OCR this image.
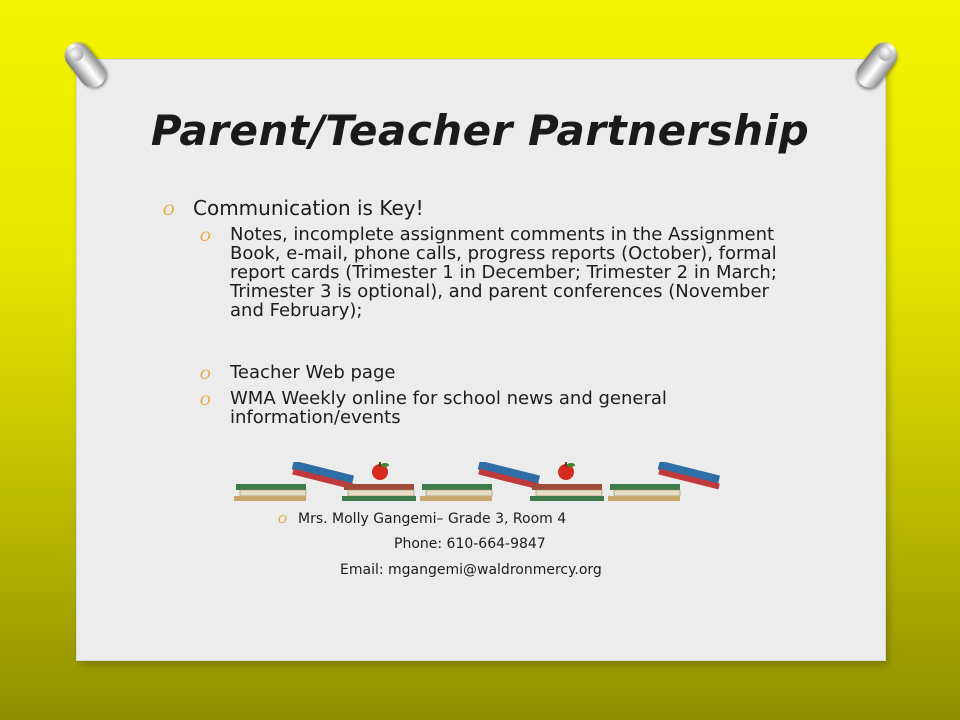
Parent/Teacher Partnership
O Communication is Key!
O Notes, incomplete assignment comments in the Assignment Book, e-mail, phone calls, progress reports (October), formal report cards (Trimester 1 in December; Trimester 2 in March; Trimester 3 is optional), and parent conferences (November and February);
O Teacher Web page
O WMA Weekly online for school news and general information/events
O Mrs. Molly Gangemi– Grade 3, Room 4
Phone: 610-664-9847
Email: mgangemi@waldronmercy.org
